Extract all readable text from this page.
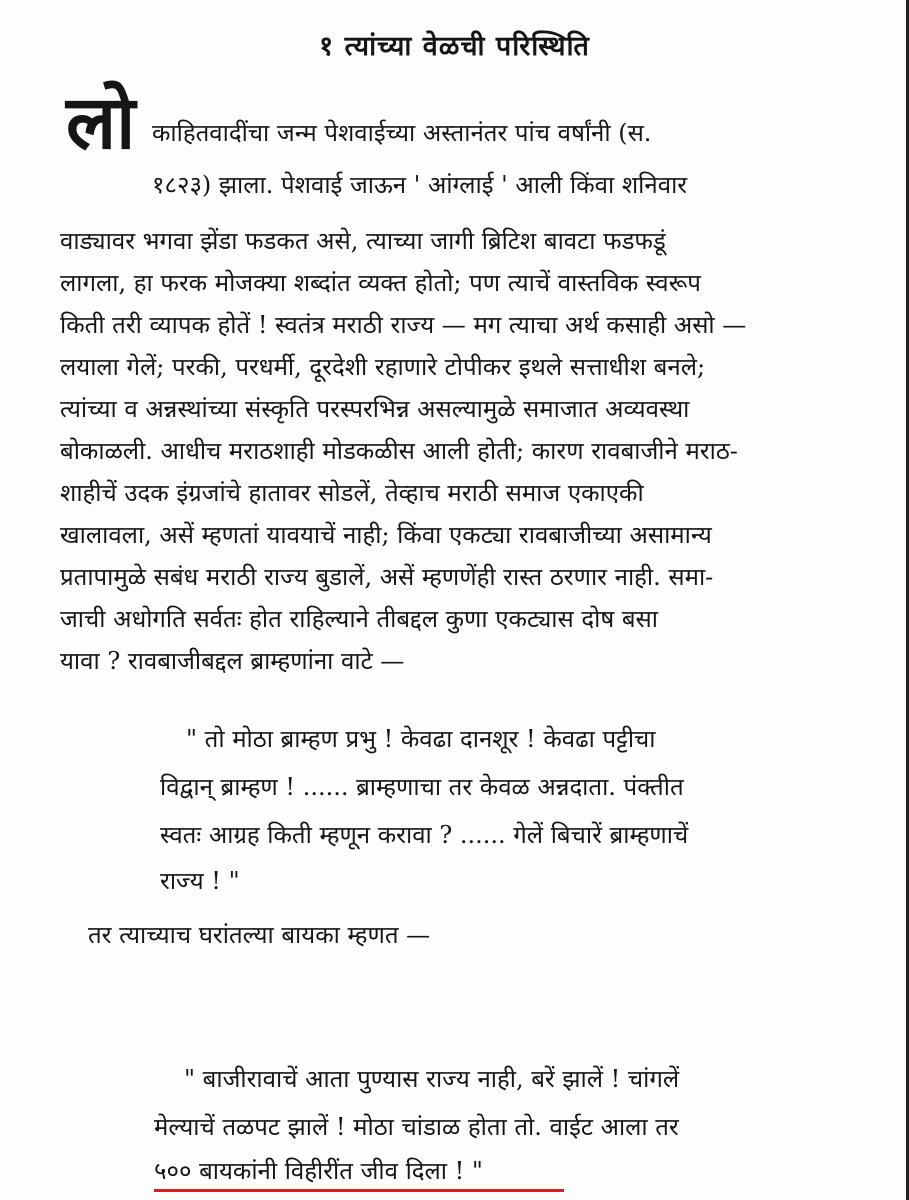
१ त्यांच्या वेळची परिस्थिति
लो काहितवादींचा जन्म पेशवाईच्या अस्तानंतर पांच वर्षांनी (स.
१८२३) झाला. पेशवाई जाऊन ' आंग्लाई ' आली किंवा शनिवार
वाड्यावर भगवा झेंडा फडकत असे, त्याच्या जागी ब्रिटिश बावटा फडफडूं
लागला, हा फरक मोजक्या शब्दांत व्यक्त होतो; पण त्याचें वास्तविक स्वरूप
किती तरी व्यापक होतें ! स्वतंत्र मराठी राज्य — मग त्याचा अर्थ कसाही असो —
लयाला गेलें; परकी, परधर्मी, दूरदेशी रहाणारे टोपीकर इथले सत्ताधीश बनले;
त्यांच्या व अन्नस्थांच्या संस्कृति परस्परभिन्न असल्यामुळे समाजात अव्यवस्था
बोकाळली. आधीच मराठशाही मोडकळीस आली होती; कारण रावबाजीने मराठ-
शाहीचें उदक इंग्रजांचे हातावर सोडलें, तेव्हाच मराठी समाज एकाएकी
खालावला, असें म्हणतां यावयाचें नाही; किंवा एकट्या रावबाजीच्या असामान्य
प्रतापामुळे सबंध मराठी राज्य बुडालें, असें म्हणणेंही रास्त ठरणार नाही. समा-
जाची अधोगति सर्वतः होत राहिल्याने तीबद्दल कुणा एकट्यास दोष बसा
यावा ? रावबाजीबद्दल ब्राम्हणांना वाटे —
" तो मोठा ब्राम्हण प्रभु ! केवढा दानशूर ! केवढा पट्टीचा
विद्वान् ब्राम्हण ! ...... ब्राम्हणाचा तर केवळ अन्नदाता. पंक्तीत
स्वतः आग्रह किती म्हणून करावा ? ...... गेलें बिचारें ब्राम्हणाचें
राज्य ! "
तर त्याच्याच घरांतल्या बायका म्हणत —
" बाजीरावाचें आता पुण्यास राज्य नाही, बरें झालें ! चांगलें
मेल्याचें तळपट झालें ! मोठा चांडाळ होता तो. वाईट आला तर
५०० बायकांनी विहीरींत जीव दिला ! "
